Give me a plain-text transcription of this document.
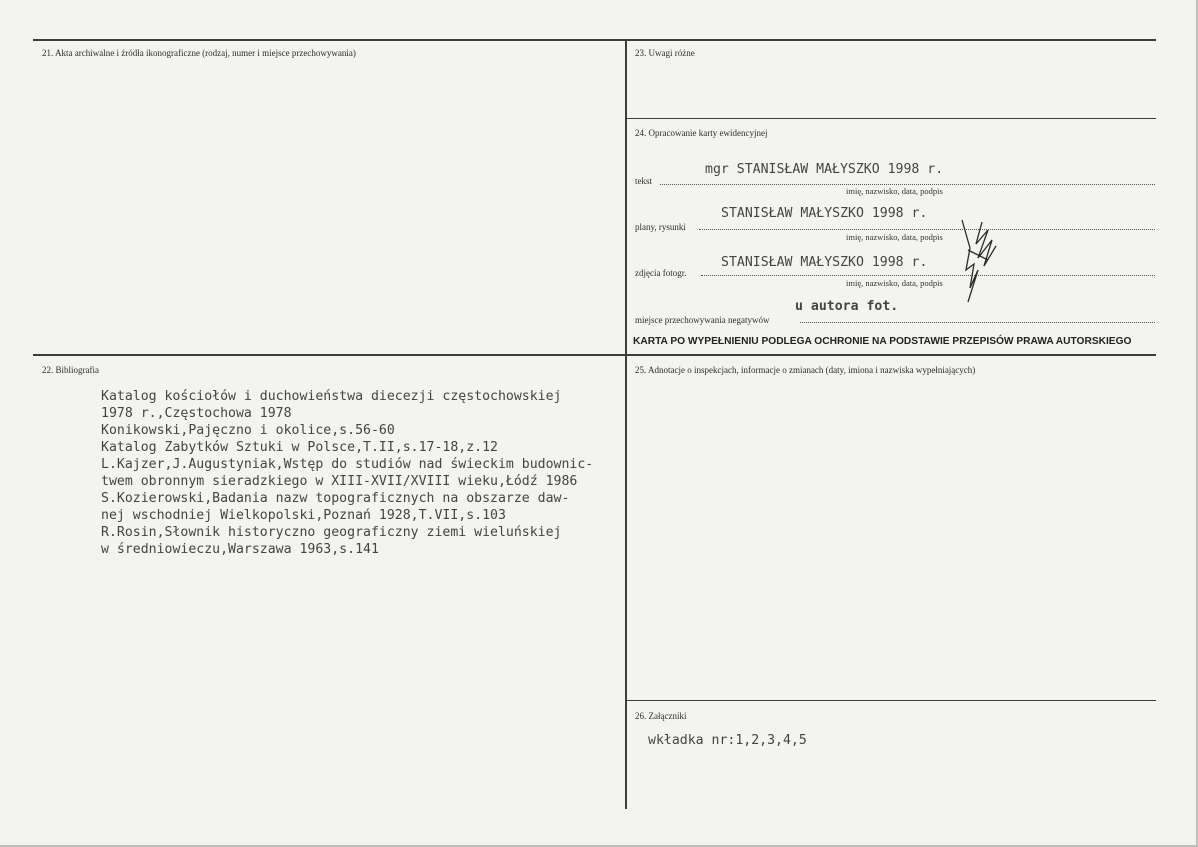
21. Akta archiwalne i źródła ikonograficzne (rodzaj, numer i miejsce przechowywania)	23. Uwagi różne
24. Opracowanie karty ewidencyjnej
mgr STANISŁAW MAŁYSZKO 1998 r.
tekst
imię, nazwisko, data, podpis
STANISŁAW MAŁYSZKO 1998 r.
plany, rysunki
imię, nazwisko, data, podpis
STANISŁAW MAŁYSZKO 1998 r.
zdjęcia fotogr.
imię, nazwisko, data, podpis
u autora fot.
miejsce przechowywania negatywów
KARTA PO WYPEŁNIENIU PODLEGA OCHRONIE NA PODSTAWIE PRZEPISÓW PRAWA AUTORSKIEGO
22. Bibliografia
Katalog kościołów i duchowieństwa diecezji częstochowskiej
1978 r.,Częstochowa 1978
Konikowski,Pajęczno i okolice,s.56-60
Katalog Zabytków Sztuki w Polsce,T.II,s.17-18,z.12
L.Kajzer,J.Augustyniak,Wstęp do studiów nad świeckim budownic-
twem obronnym sieradzkiego w XIII-XVII/XVIII wieku,Łódź 1986
S.Kozierowski,Badania nazw topograficznych na obszarze daw-
nej wschodniej Wielkopolski,Poznań 1928,T.VII,s.103
R.Rosin,Słownik historyczno geograficzny ziemi wieluńskiej
w średniowieczu,Warszawa 1963,s.141
25. Adnotacje o inspekcjach, informacje o zmianach (daty, imiona i nazwiska wypełniających)
26. Załączniki
wkładka nr:1,2,3,4,5
